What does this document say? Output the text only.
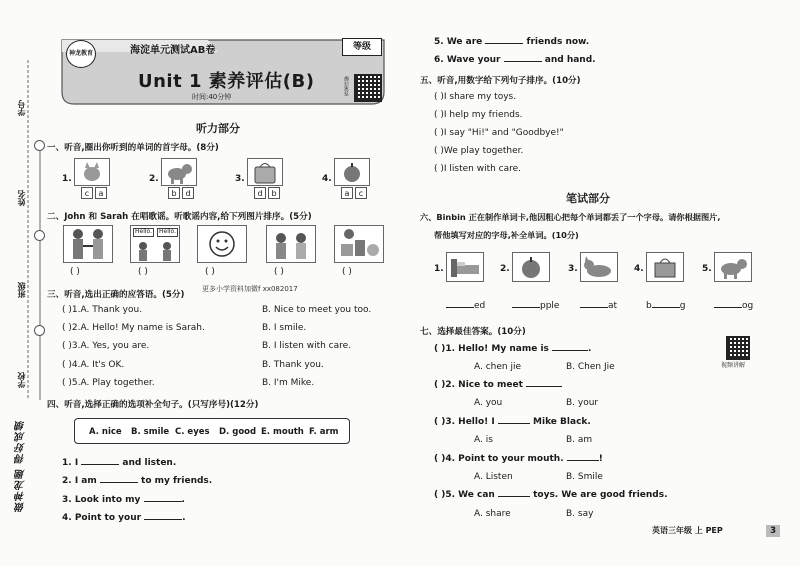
学号
姓名
班级
学校
做神龙题 得好成绩
神龙教育	海淀单元测试AB卷
Unit 1 素养评估(B)
时间:40分钟
等级
答案详解
听力部分
一、听音,圈出你听到的单词的首字母。(8分)
1.
c	a
2.
b	d
3.
d	b
4.
a	c
二、John 和 Sarah 在唱歌谣。听歌谣内容,给下列图片排序。(5分)
Hello.	Hello.
( )	( )	( )	( )	( )
三、听音,选出正确的应答语。(5分)
更多小学资料加微f xx082017
( )1.A. Thank you.	B. Nice to meet you too.
( )2.A. Hello! My name is Sarah.	B. I smile.
( )3.A. Yes, you are.	B. I listen with care.
( )4.A. It's OK.	B. Thank you.
( )5.A. Play together.	B. I'm Mike.
四、听音,选择正确的选项补全句子。(只写序号)(12分)
A. nice B. smile C. eyes D. good E. mouth F. arm
1. I	and listen.
2. I am	to my friends.
3. Look into my	.
4. Point to your	.
5. We are	friends now.
6. Wave your	and hand.
五、听音,用数字给下列句子排序。(10分)
( )I share my toys.
( )I help my friends.
( )I say "Hi!" and "Goodbye!"
( )We play together.
( )I listen with care.
笔试部分
六、Binbin 正在制作单词卡,他因粗心把每个单词都丢了一个字母。请你根据图片,
帮他填写对应的字母,补全单词。(10分)
1.
ed
2.
pple
3.
at
4.
b	g
5.
og
七、选择最佳答案。(10分)
视频讲解
( )1. Hello! My name is	.
A. chen jie	B. Chen Jie
( )2. Nice to meet
A. you	B. your
( )3. Hello! I	Mike Black.
A. is	B. am
( )4. Point to your mouth.	!
A. Listen	B. Smile
( )5. We can	toys. We are good friends.
A. share	B. say
英语三年级 上 PEP	3
